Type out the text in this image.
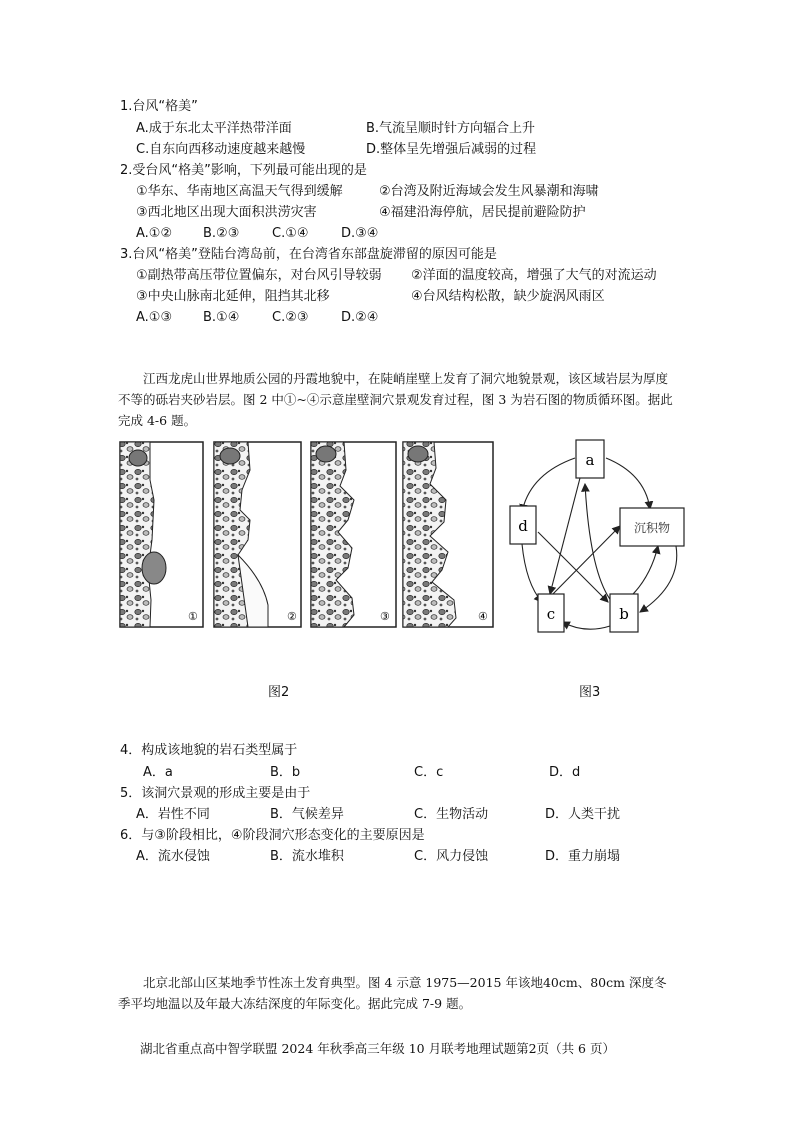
1.台风“格美”
A.成于东北太平洋热带洋面	B.气流呈顺时针方向辐合上升
C.自东向西移动速度越来越慢	D.整体呈先增强后减弱的过程
2.受台风“格美”影响，下列最可能出现的是
①华东、华南地区高温天气得到缓解	②台湾及附近海域会发生风暴潮和海啸
③西北地区出现大面积洪涝灾害	④福建沿海停航，居民提前避险防护
A.①② B.②③	C.①④ D.③④
3.台风“格美”登陆台湾岛前，在台湾省东部盘旋滞留的原因可能是
①副热带高压带位置偏东，对台风引导较弱 ②洋面的温度较高，增强了大气的对流运动
③中央山脉南北延伸，阻挡其北移	④台风结构松散，缺少旋涡风雨区
A.①③ B.①④	C.②③ D.②④
江西龙虎山世界地质公园的丹霞地貌中，在陡峭崖壁上发育了洞穴地貌景观，该区域岩层为厚度不等的砾岩夹砂岩层。图 2 中①~④示意崖壁洞穴景观发育过程，图 3 为岩石图的物质循环图。据此完成 4-6 题。
①	②	③	④
a
d	沉积物
c	b
图2	图3
4．构成该地貌的岩石类型属于
A．a	B．b	C．c	D．d
5．该洞穴景观的形成主要是由于
A．岩性不同	B．气候差异	C．生物活动	D．人类干扰
6．与③阶段相比，④阶段洞穴形态变化的主要原因是
A．流水侵蚀	B．流水堆积	C．风力侵蚀	D．重力崩塌
北京北部山区某地季节性冻土发育典型。图 4 示意 1975—2015 年该地40cm、80cm 深度冬季平均地温以及年最大冻结深度的年际变化。据此完成 7-9 题。
湖北省重点高中智学联盟 2024 年秋季高三年级 10 月联考地理试题第2页（共 6 页）
